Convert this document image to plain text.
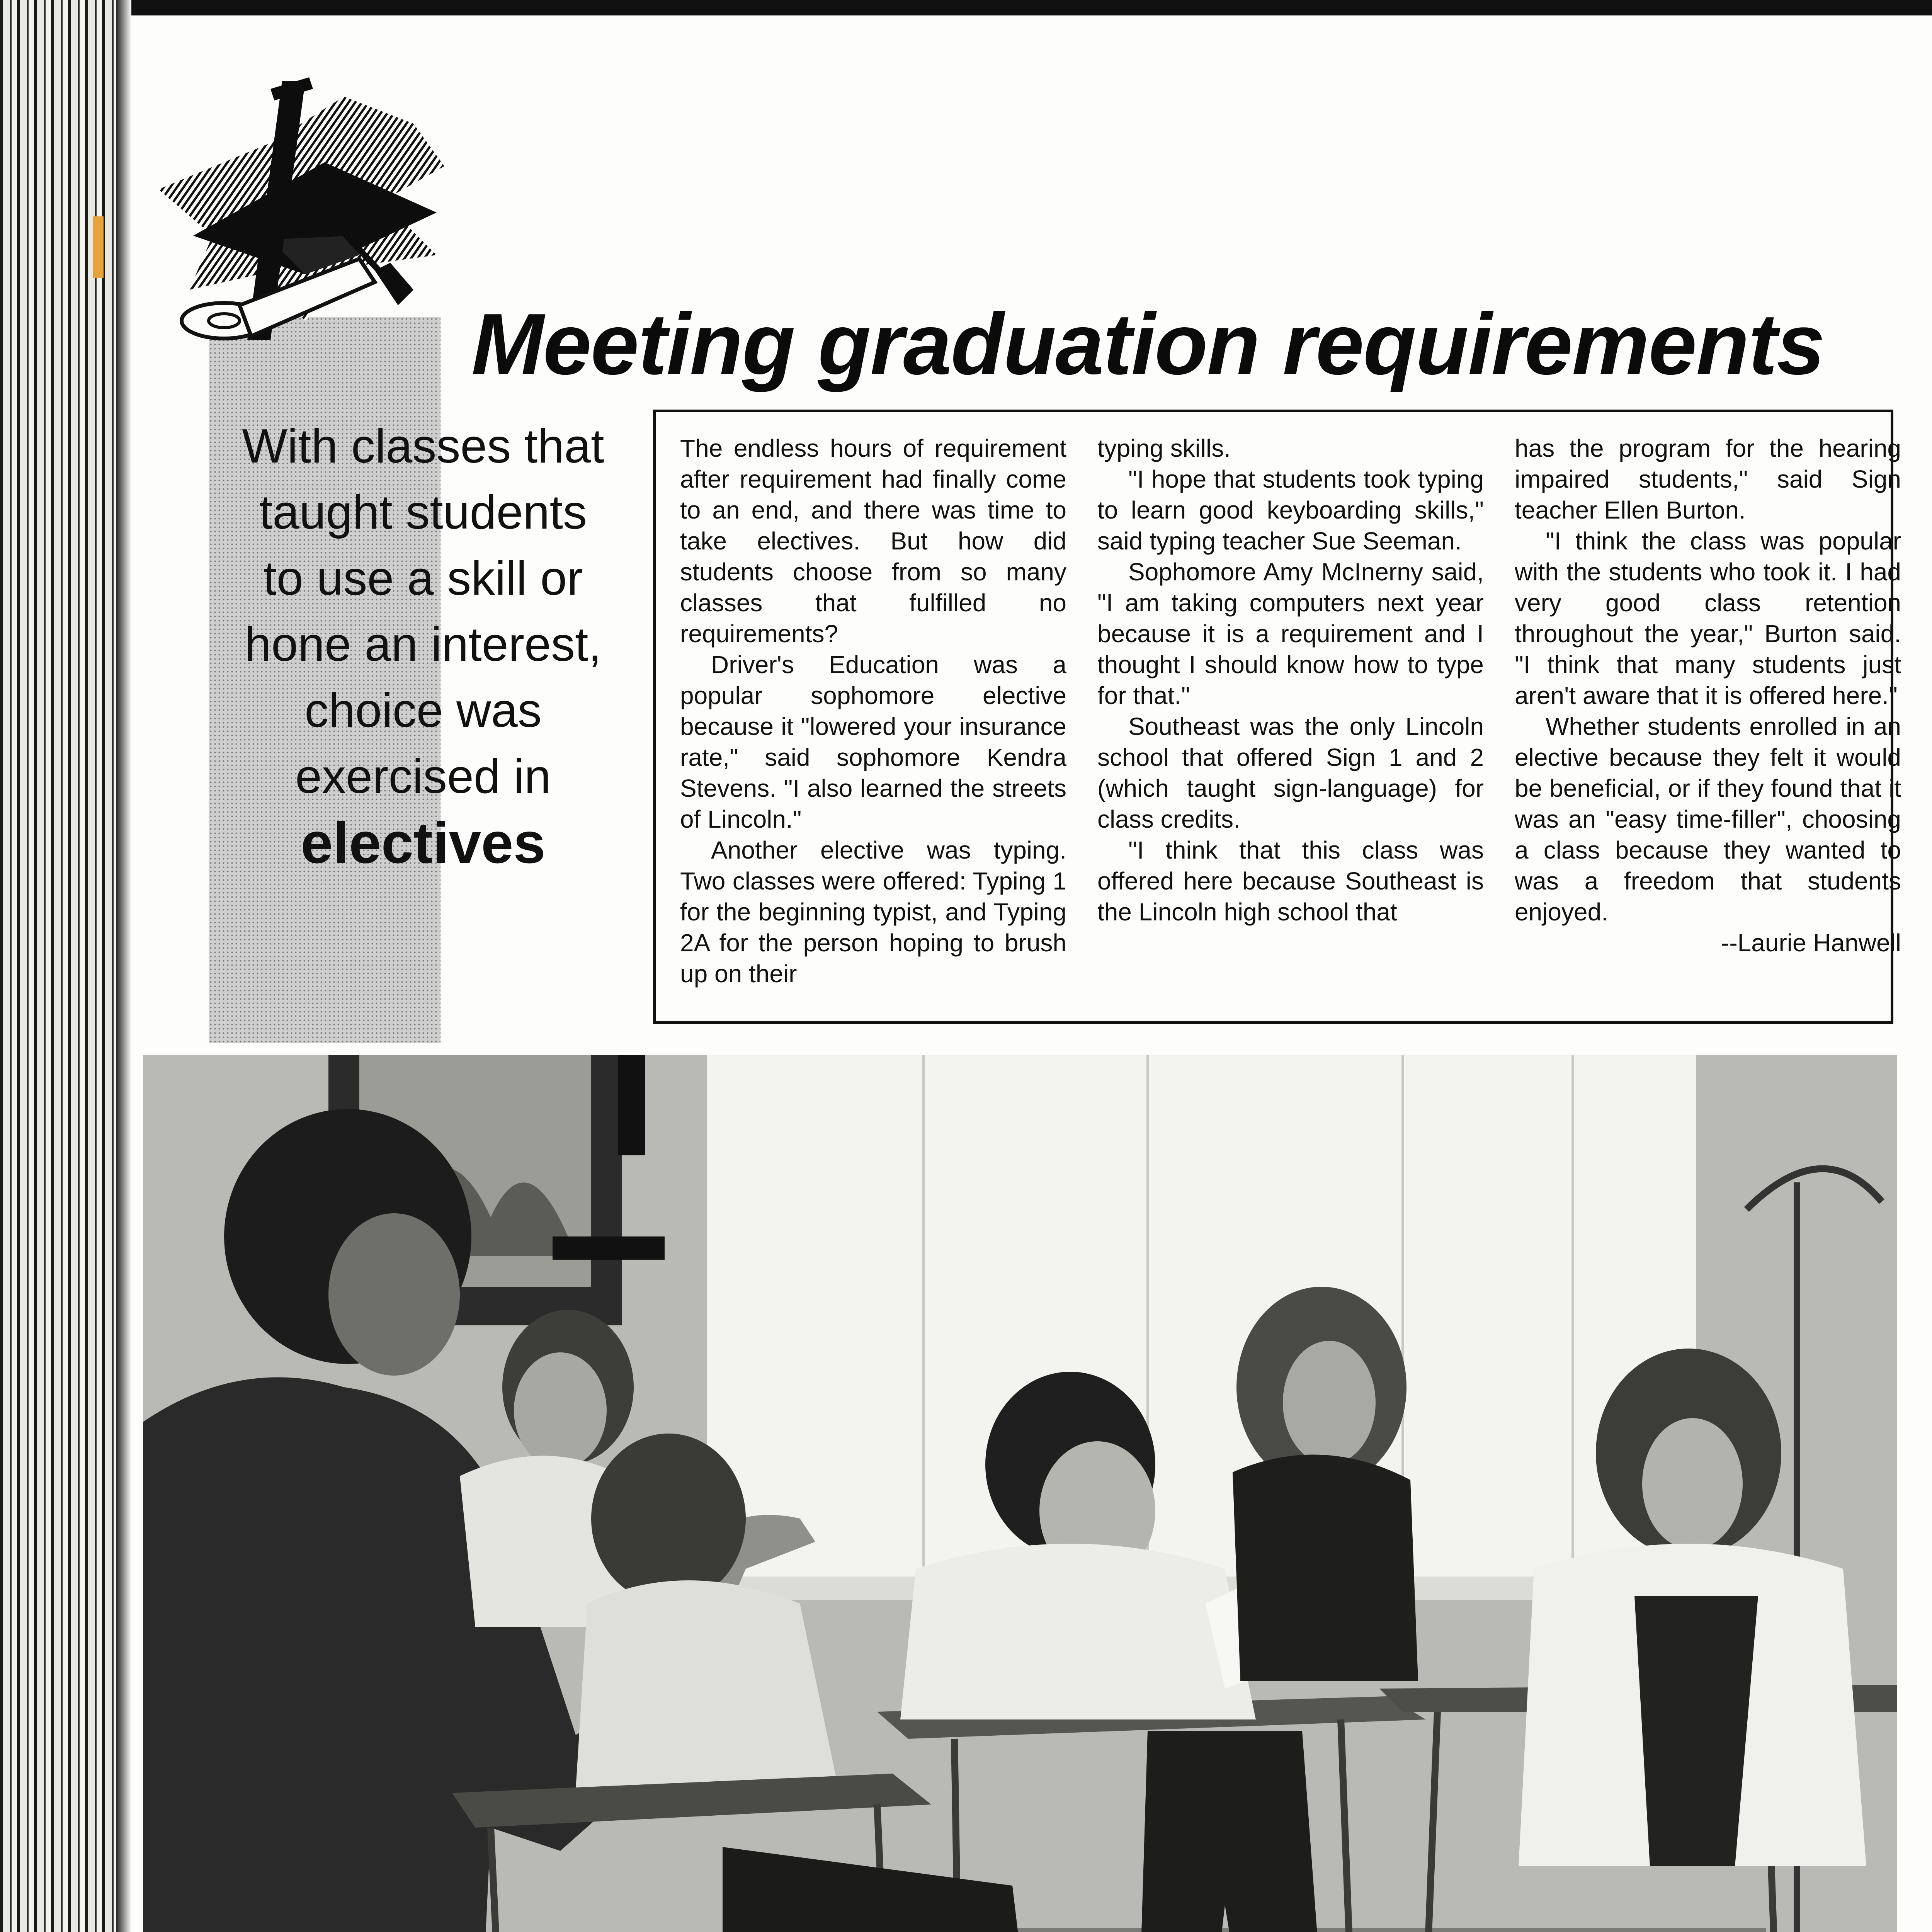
Meeting graduation requirements
With classes that
taught students
to use a skill or
hone an interest,
choice was
exercised in
electives

The endless hours of requirement after requirement had finally come to an end, and there was time to take electives. But how did students choose from so many classes that fulfilled no requirements?

Driver's Education was a popular sophomore elective because it "lowered your insurance rate," said sophomore Kendra Stevens. "I also learned the streets of Lincoln."

Another elective was typing. Two classes were offered: Typing 1 for the beginning typist, and Typing 2A for the person hoping to brush up on their

typing skills.

"I hope that students took typing to learn good keyboarding skills," said typing teacher Sue Seeman.

Sophomore Amy McInerny said, "I am taking computers next year because it is a requirement and I thought I should know how to type for that."

Southeast was the only Lincoln school that offered Sign 1 and 2 (which taught sign-language) for class credits.

"I think that this class was offered here because Southeast is the Lincoln high school that

has the program for the hearing impaired students," said Sign teacher Ellen Burton.

"I think the class was popular with the students who took it. I had very good class retention throughout the year," Burton said. "I think that many students just aren't aware that it is offered here."

Whether students enrolled in an elective because they felt it would be beneficial, or if they found that it was an "easy time-filler", choosing a class because they wanted to was a freedom that students enjoyed.

--Laurie Hanwell
